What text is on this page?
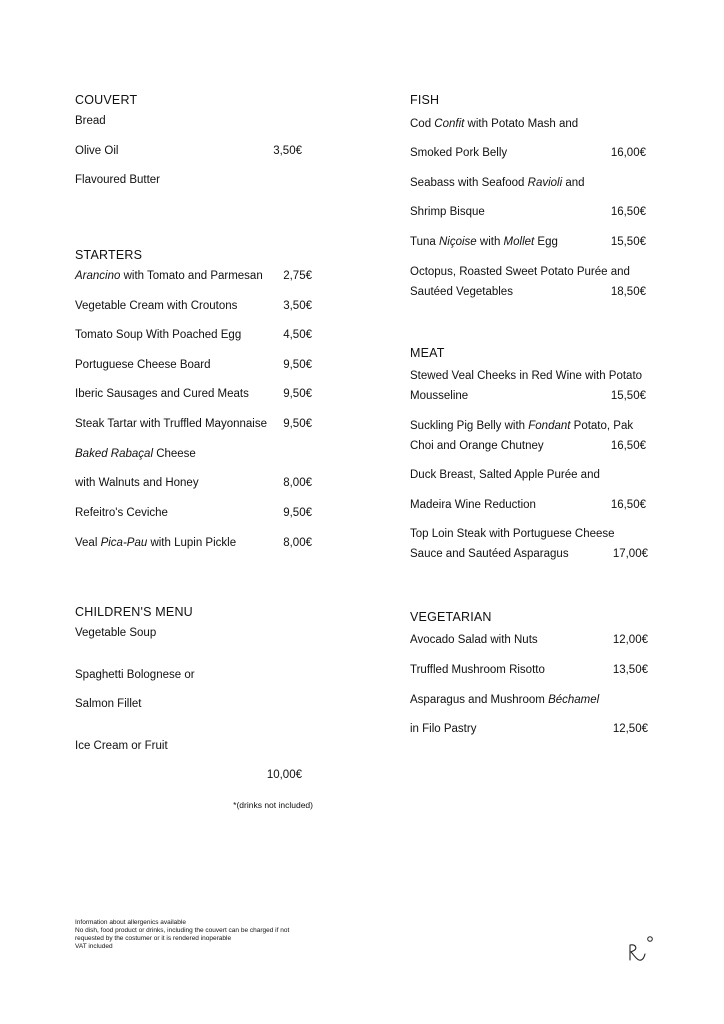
COUVERT
Bread
Olive Oil	3,50€
Flavoured Butter
STARTERS
Arancino with Tomato and Parmesan	2,75€
Vegetable Cream with Croutons	3,50€
Tomato Soup With Poached Egg	4,50€
Portuguese Cheese Board	9,50€
Iberic Sausages and Cured Meats	9,50€
Steak Tartar with Truffled Mayonnaise	9,50€
Baked Rabaçal Cheese
with Walnuts and Honey	8,00€
Refeitro's Ceviche	9,50€
Veal Pica-Pau with Lupin Pickle	8,00€
CHILDREN'S MENU
Vegetable Soup
Spaghetti Bolognese or
Salmon Fillet
Ice Cream or Fruit
10,00€
*(drinks not included)
FISH
Cod Confit with Potato Mash and
Smoked Pork Belly	16,00€
Seabass with Seafood Ravioli and
Shrimp Bisque	16,50€
Tuna Niçoise with Mollet Egg	15,50€
Octopus, Roasted Sweet Potato Purée and
Sautéed Vegetables	18,50€
MEAT
Stewed Veal Cheeks in Red Wine with Potato
Mousseline	15,50€
Suckling Pig Belly with Fondant Potato, Pak
Choi and Orange Chutney	16,50€
Duck Breast, Salted Apple Purée and
Madeira Wine Reduction	16,50€
Top Loin Steak with Portuguese Cheese
Sauce and Sautéed Asparagus	17,00€
VEGETARIAN
Avocado Salad with Nuts	12,00€
Truffled Mushroom Risotto	13,50€
Asparagus and Mushroom Béchamel
in Filo Pastry	12,50€
Information about allergenics available
No dish, food product or drinks, including the couvert can be charged if not
requested by the costumer or it is rendered inoperable
VAT included
